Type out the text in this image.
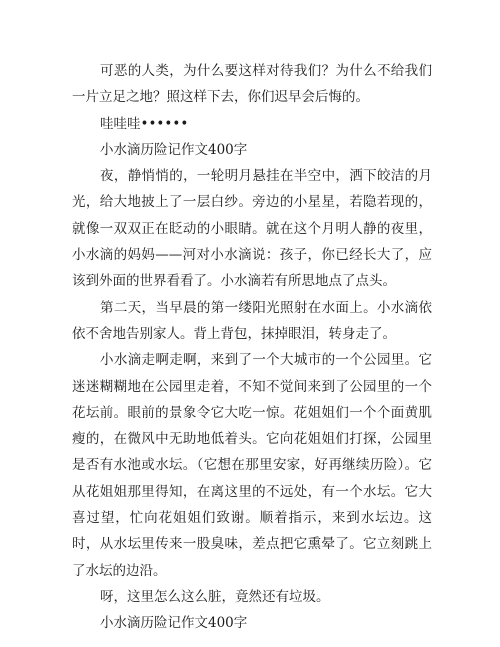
可恶的人类，为什么要这样对待我们？为什么不给我们一片立足之地？照这样下去，你们迟早会后悔的。

哇哇哇••••••

小水滴历险记作文400字

夜，静悄悄的，一轮明月悬挂在半空中，洒下皎洁的月光，给大地披上了一层白纱。旁边的小星星，若隐若现的，就像一双双正在眨动的小眼睛。就在这个月明人静的夜里，小水滴的妈妈——河对小水滴说：孩子，你已经长大了，应该到外面的世界看看了。小水滴若有所思地点了点头。

第二天，当早晨的第一缕阳光照射在水面上。小水滴依依不舍地告别家人。背上背包，抹掉眼泪，转身走了。

小水滴走啊走啊，来到了一个大城市的一个公园里。它迷迷糊糊地在公园里走着，不知不觉间来到了公园里的一个花坛前。眼前的景象令它大吃一惊。花姐姐们一个个面黄肌瘦的，在微风中无助地低着头。它向花姐姐们打探，公园里是否有水池或水坛。（它想在那里安家，好再继续历险）。它从花姐姐那里得知，在离这里的不远处，有一个水坛。它大喜过望，忙向花姐姐们致谢。顺着指示，来到水坛边。这时，从水坛里传来一股臭味，差点把它熏晕了。它立刻跳上了水坛的边沿。

呀，这里怎么这么脏，竟然还有垃圾。

小水滴历险记作文400字
